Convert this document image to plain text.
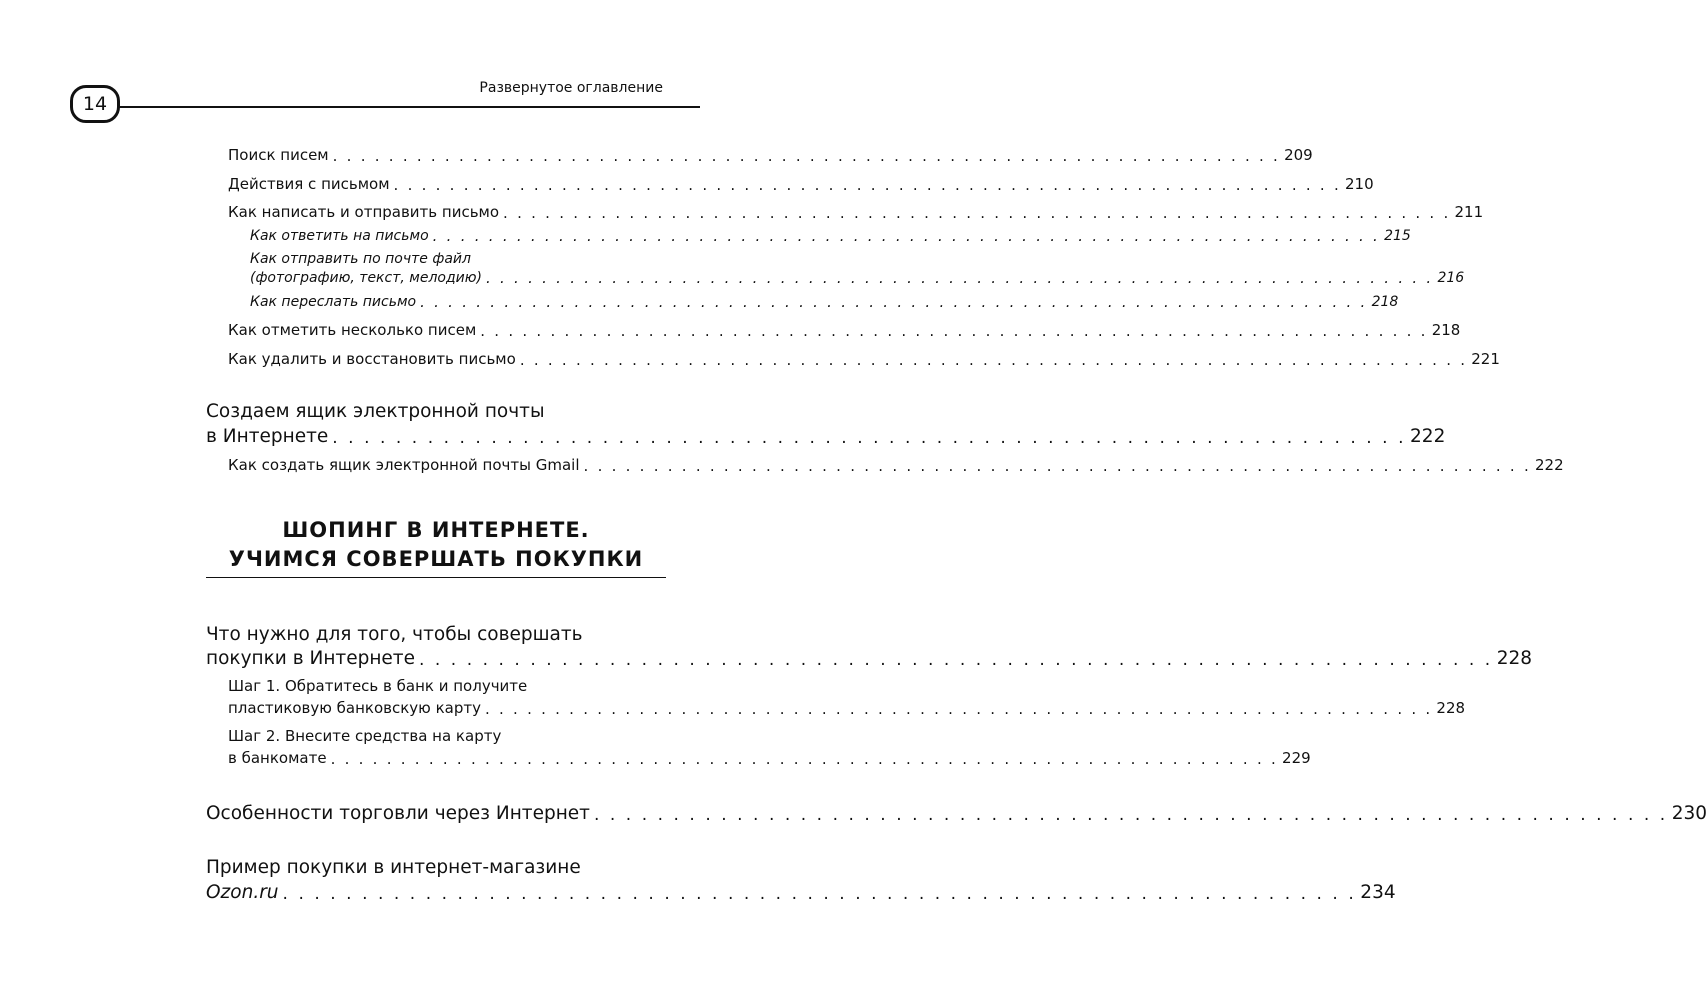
14
Развернутое оглавление
Поиск писем . . . . . . . . . . . . . . . . . . . . . . . . . . . . . . . . . . . . . . . . . . . . . . . . . . . . . . . . . . . . . . . . . . . . 209
Действия с письмом . . . . . . . . . . . . . . . . . . . . . . . . . . . . . . . . . . . . . . . . . . . . . . . . . . . . . . . . . . . . . . . . . . . . 210
Как написать и отправить письмо . . . . . . . . . . . . . . . . . . . . . . . . . . . . . . . . . . . . . . . . . . . . . . . . . . . . . . . . . . . . . . . . . . . . 211
Как ответить на письмо . . . . . . . . . . . . . . . . . . . . . . . . . . . . . . . . . . . . . . . . . . . . . . . . . . . . . . . . . . . . . . . . . . . . 215
Как отправить по почте файл
(фотографию, текст, мелодию) . . . . . . . . . . . . . . . . . . . . . . . . . . . . . . . . . . . . . . . . . . . . . . . . . . . . . . . . . . . . . . . . . . . . 216
Как переслать письмо . . . . . . . . . . . . . . . . . . . . . . . . . . . . . . . . . . . . . . . . . . . . . . . . . . . . . . . . . . . . . . . . . . . . 218
Как отметить несколько писем . . . . . . . . . . . . . . . . . . . . . . . . . . . . . . . . . . . . . . . . . . . . . . . . . . . . . . . . . . . . . . . . . . . . 218
Как удалить и восстановить письмо . . . . . . . . . . . . . . . . . . . . . . . . . . . . . . . . . . . . . . . . . . . . . . . . . . . . . . . . . . . . . . . . . . . . 221
Создаем ящик электронной почты
в Интернете . . . . . . . . . . . . . . . . . . . . . . . . . . . . . . . . . . . . . . . . . . . . . . . . . . . . . . . . . . . . . . . . . . . . 222
Как создать ящик электронной почты Gmail . . . . . . . . . . . . . . . . . . . . . . . . . . . . . . . . . . . . . . . . . . . . . . . . . . . . . . . . . . . . . . . . . . . . 222
ШОПИНГ В ИНТЕРНЕТЕ.
УЧИМСЯ СОВЕРШАТЬ ПОКУПКИ
Что нужно для того, чтобы совершать
покупки в Интернете . . . . . . . . . . . . . . . . . . . . . . . . . . . . . . . . . . . . . . . . . . . . . . . . . . . . . . . . . . . . . . . . . . . . 228
Шаг 1. Обратитесь в банк и получите
пластиковую банковскую карту . . . . . . . . . . . . . . . . . . . . . . . . . . . . . . . . . . . . . . . . . . . . . . . . . . . . . . . . . . . . . . . . . . . . 228
Шаг 2. Внесите средства на карту
в банкомате . . . . . . . . . . . . . . . . . . . . . . . . . . . . . . . . . . . . . . . . . . . . . . . . . . . . . . . . . . . . . . . . . . . . 229
Особенности торговли через Интернет . . . . . . . . . . . . . . . . . . . . . . . . . . . . . . . . . . . . . . . . . . . . . . . . . . . . . . . . . . . . . . . . . . . . 230
Пример покупки в интернет-магазине
Ozon.ru . . . . . . . . . . . . . . . . . . . . . . . . . . . . . . . . . . . . . . . . . . . . . . . . . . . . . . . . . . . . . . . . . . . . 234
